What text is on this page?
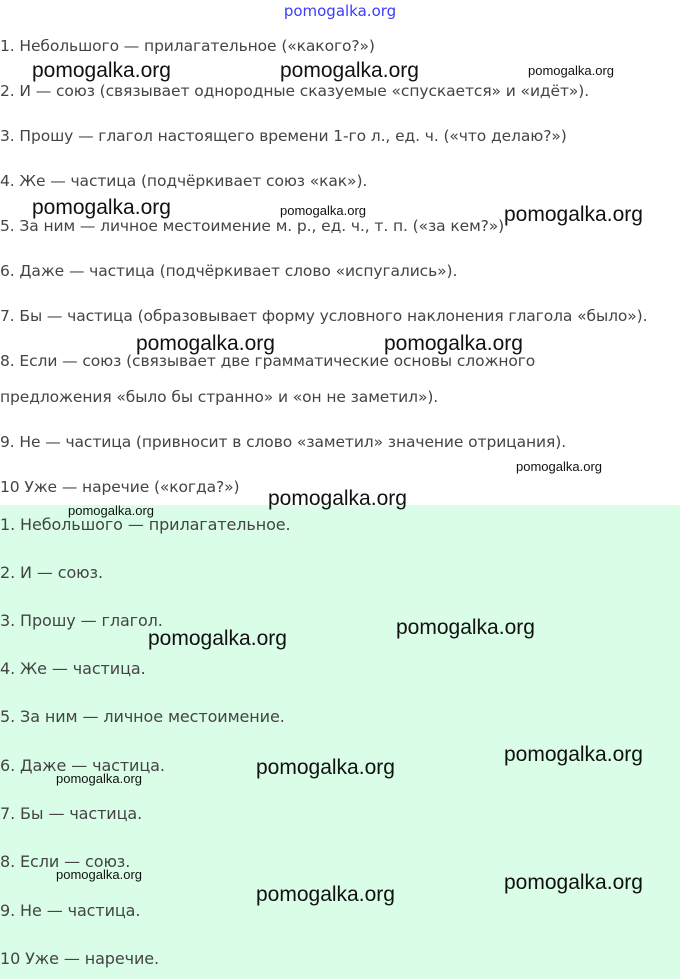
pomogalka.org
1. Небольшого — прилагательное («какого?»)
2. И — союз (связывает однородные сказуемые «спускается» и «идёт»).
3. Прошу — глагол настоящего времени 1-го л., ед. ч. («что делаю?»)
4. Же — частица (подчёркивает союз «как»).
5. За ним — личное местоимение м. р., ед. ч., т. п. («за кем?»)
6. Даже — частица (подчёркивает слово «испугались»).
7. Бы — частица (образовывает форму условного наклонения глагола «было»).
8. Если — союз (связывает две грамматические основы сложного
предложения «было бы странно» и «он не заметил»).
9. Не — частица (привносит в слово «заметил» значение отрицания).
10 Уже — наречие («когда?»)
1. Небольшого — прилагательное.
2. И — союз.
3. Прошу — глагол.
4. Же — частица.
5. За ним — личное местоимение.
6. Даже — частица.
7. Бы — частица.
8. Если — союз.
9. Не — частица.
10 Уже — наречие.
pomogalka.org	pomogalka.org	pomogalka.org
pomogalka.org	pomogalka.org	pomogalka.org
pomogalka.org	pomogalka.org
pomogalka.org
pomogalka.org
pomogalka.org
pomogalka.org
pomogalka.org
pomogalka.org
pomogalka.org
pomogalka.org
pomogalka.org	pomogalka.org
pomogalka.org
